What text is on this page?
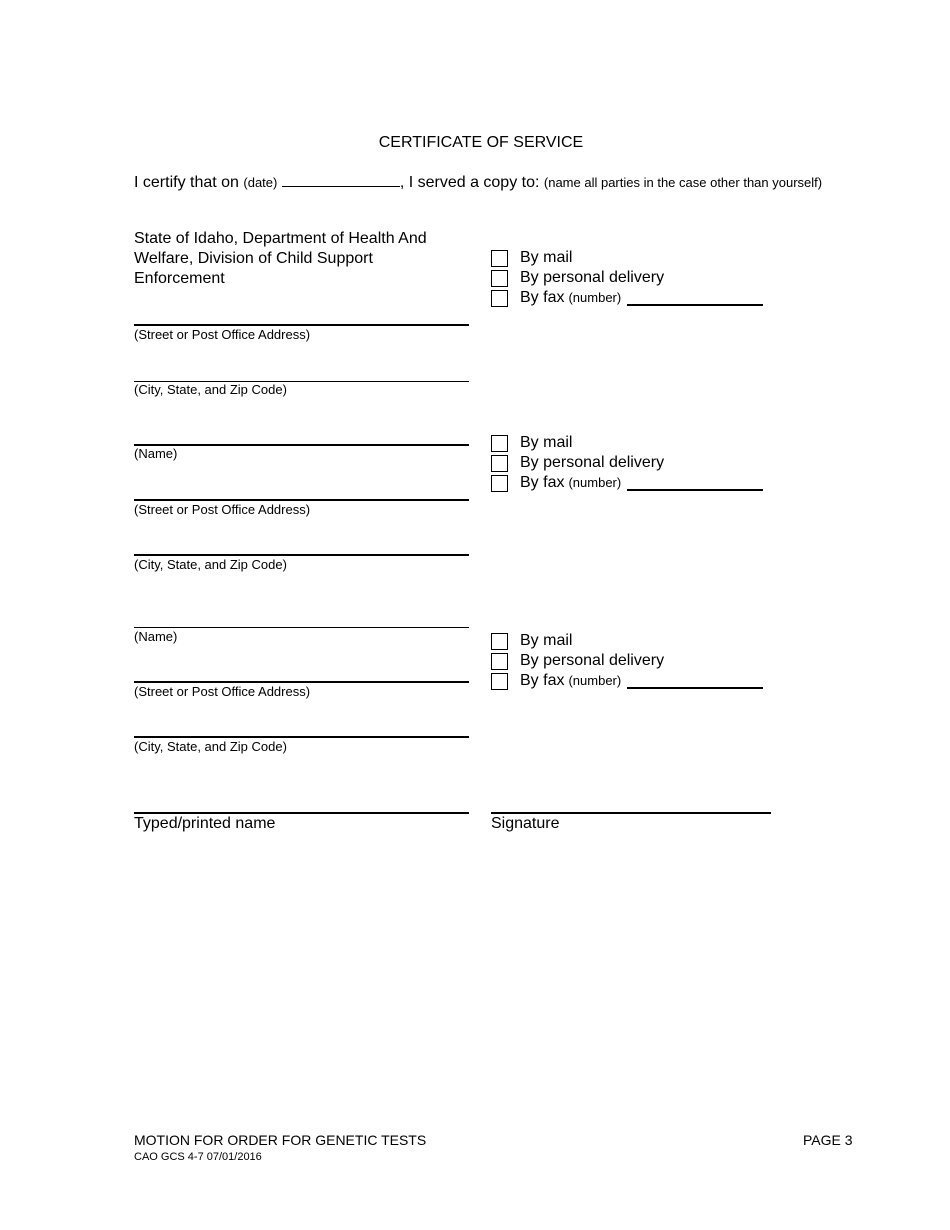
CERTIFICATE OF SERVICE
I certify that on (date)	, I served a copy to: (name all parties in the case other than yourself)
State of Idaho, Department of Health And Welfare, Division of Child Support Enforcement
(Street or Post Office Address)
(City, State, and Zip Code)
By mail
By personal delivery
By fax (number)
(Name)
(Street or Post Office Address)
(City, State, and Zip Code)
By mail
By personal delivery
By fax (number)
(Name)
(Street or Post Office Address)
(City, State, and Zip Code)
By mail
By personal delivery
By fax (number)
Typed/printed name	Signature
MOTION FOR ORDER FOR GENETIC TESTS
CAO GCS 4-7 07/01/2016
PAGE 3
